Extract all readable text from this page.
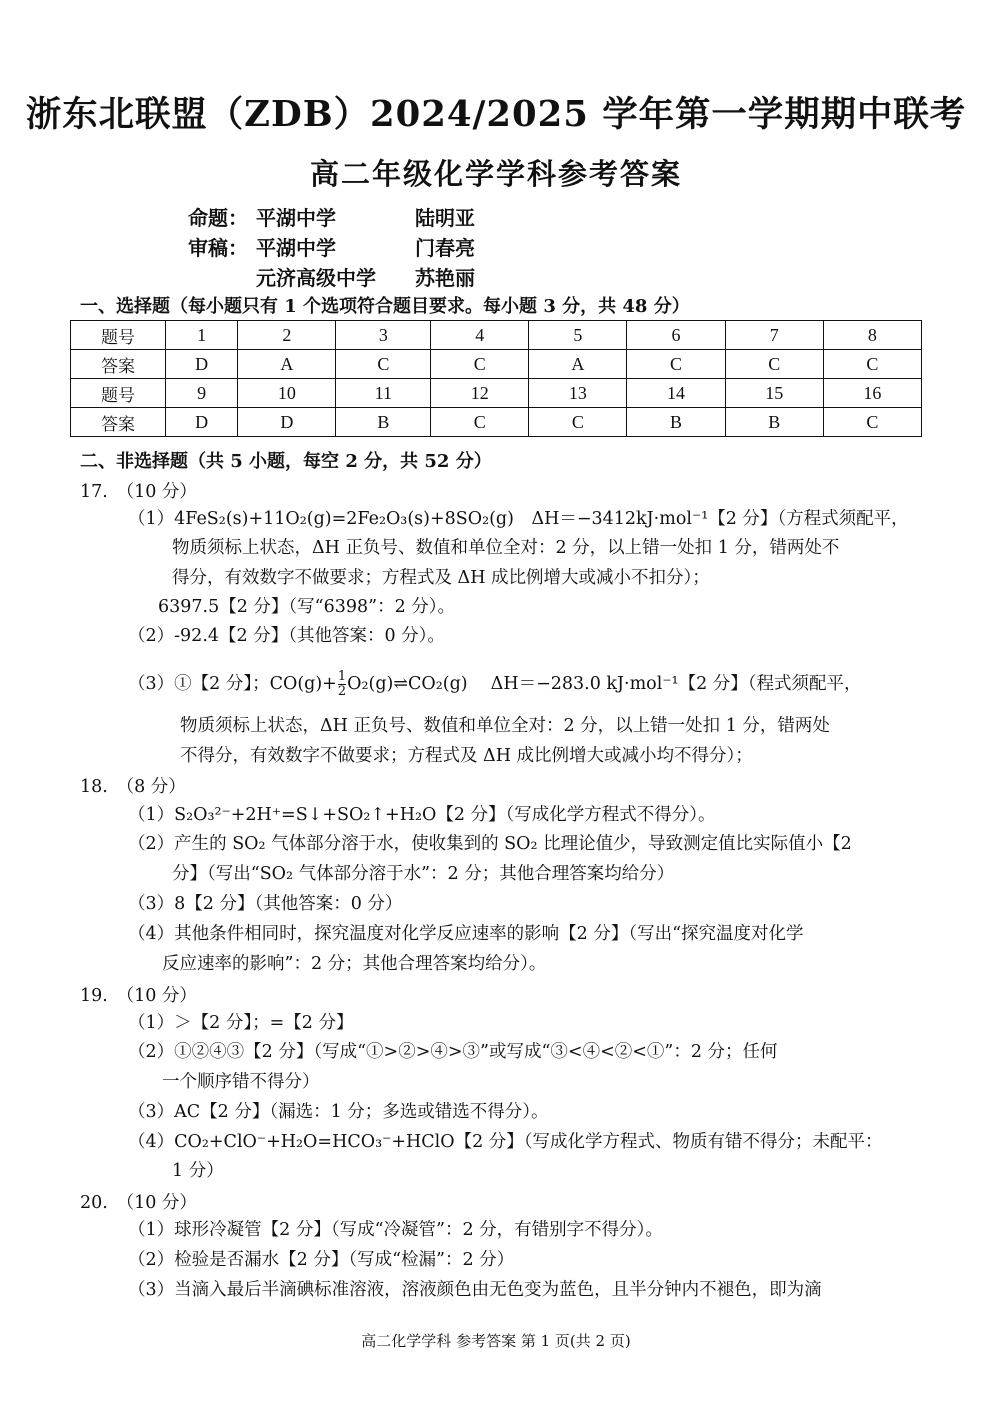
浙东北联盟（ZDB）2024/2025 学年第一学期期中联考
高二年级化学学科参考答案
命题： 平湖中学	陆明亚
审稿： 平湖中学	门春亮
元济高级中学 苏艳丽
一、选择题（每小题只有 1 个选项符合题目要求。每小题 3 分，共 48 分）
题号	1	2	3	4	5	6	7	8
答案	D	A	C	C	A	C	C	C
题号	9	10	11	12	13	14	15	16
答案	D	D	B	C	C	B	B	C
二、非选择题（共 5 小题，每空 2 分，共 52 分）
17.　（10 分）
（1）4FeS₂(s)+11O₂(g)=2Fe₂O₃(s)+8SO₂(g)　ΔH＝−3412kJ·mol⁻¹【2 分】（方程式须配平，
物质须标上状态，ΔH 正负号、数值和单位全对：2 分，以上错一处扣 1 分，错两处不
得分，有效数字不做要求；方程式及 ΔH 成比例增大或减小不扣分）；
6397.5【2 分】（写“6398”：2 分）。
（2）-92.4【2 分】（其他答案：0 分）。
（3）①【2 分】；$CO(g)+ \frac{1}{2}$ O₂(g)⇌CO₂(g)　 ΔH＝−283.0 kJ·mol⁻¹【2 分】（程式须配平，
物质须标上状态，ΔH 正负号、数值和单位全对：2 分，以上错一处扣 1 分，错两处
不得分，有效数字不做要求；方程式及 ΔH 成比例增大或减小均不得分）；
18.　（8 分）
（1）S₂O₃²⁻+2H⁺=S↓+SO₂↑+H₂O【2 分】（写成化学方程式不得分）。
（2）产生的 SO₂ 气体部分溶于水，使收集到的 SO₂ 比理论值少，导致测定值比实际值小【2
分】（写出“SO₂ 气体部分溶于水”：2 分；其他合理答案均给分）
（3）8【2 分】（其他答案：0 分）
（4）其他条件相同时，探究温度对化学反应速率的影响【2 分】（写出“探究温度对化学
反应速率的影响”：2 分；其他合理答案均给分）。
19.　（10 分）
（1）＞【2 分】；=【2 分】
（2）①②④③【2 分】（写成“①>②>④>③”或写成“③<④<②<①”：2 分；任何
一个顺序错不得分）
（3）AC【2 分】（漏选：1 分；多选或错选不得分）。
（4）CO₂+ClO⁻+H₂O=HCO₃⁻+HClO【2 分】（写成化学方程式、物质有错不得分；未配平：
1 分）
20.　（10 分）
（1）球形冷凝管【2 分】（写成“冷凝管”：2 分，有错别字不得分）。
（2）检验是否漏水【2 分】（写成“检漏”：2 分）
（3）当滴入最后半滴碘标准溶液，溶液颜色由无色变为蓝色，且半分钟内不褪色，即为滴
高二化学学科 参考答案 第 1 页(共 2 页)
